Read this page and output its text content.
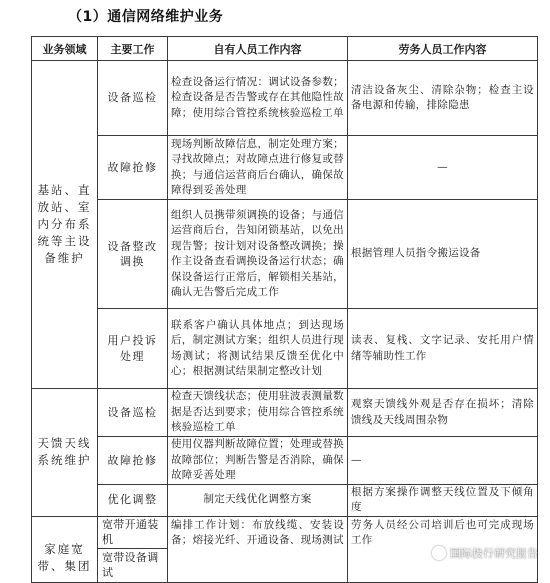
（1）通信网络维护业务
业务领域	主要工作	自有人员工作内容	劳务人员工作内容
基站、直放站、室内分布系统等主设备维护	设备巡检	检查设备运行情况：调试设备参数；检查设备是否告警或存在其他隐性故障；使用综合管控系统核验巡检工单	清洁设备灰尘、清除杂物；检查主设备电源和传输，排除隐患
	故障抢修	现场判断故障信息，制定处理方案；寻找故障点；对故障点进行修复或替换；与通信运营商后台确认，确保故障得到妥善处理	—
	设备整改调换	组织人员携带须调换的设备；与通信运营商后台，告知闭锁基站，以免出现告警；按计划对设备整改调换；操作主设备查看调换设备运行状态；确保设备运行正常后，解锁相关基站，确认无告警后完成工作	根据管理人员指令搬运设备
	用户投诉处理	联系客户确认具体地点；到达现场后，制定测试方案；组织人员进行现场测试；将测试结果反馈至优化中心；根据测试结果制定整改计划	读表、复栈、文字记录、安托用户情绪等辅助性工作
天馈天线系统维护	设备巡检	检查天馈线状态；使用驻波表测量数据是否达到要求；使用综合管控系统核验巡检工单	观察天馈线外观是否存在损坏；清除馈线及天线周围杂物
	故障抢修	使用仪器判断故障位置；处理或替换故障部位；判断告警是否消除，确保故障妥善处理	—
	优化调整	制定天线优化调整方案	根据方案操作调整天线位置及下倾角度
家庭宽带、集团	宽带开通装机	编排工作计划：布放线缆、安装设备；熔接光纤、开通设备、现场测试	劳务人员经公司培训后也可完成现场工作
	宽带设备调试		
国际投行研究报告
